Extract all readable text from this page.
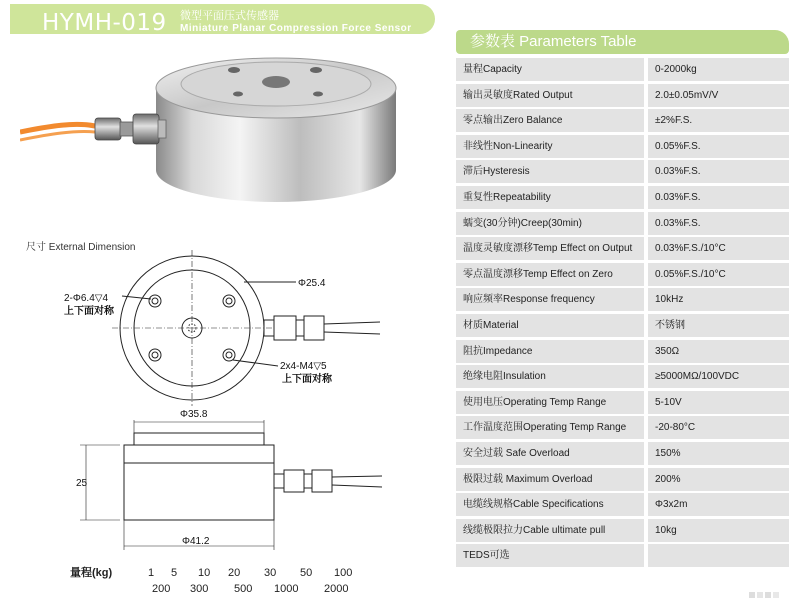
HYMH-019 微型平面压式传感器
Miniature Planar Compression Force Sensor
尺寸 External Dimension
2-Φ6.4▽4
上下面对称
Φ25.4
2x4-M4▽5
上下面对称
Φ35.8
25
Φ41.2
量程(kg)	1 5 10 20 30 50 100
200 300 500 1000 2000
参数表 Parameters Table
量程Capacity	0-2000kg
输出灵敏度Rated Output	2.0±0.05mV/V
零点输出Zero Balance	±2%F.S.
非线性Non-Linearity	0.05%F.S.
滞后Hysteresis	0.03%F.S.
重复性Repeatability	0.03%F.S.
蠕变(30分钟)Creep(30min)	0.03%F.S.
温度灵敏度漂移Temp Effect on Output	0.03%F.S./10°C
零点温度漂移Temp Effect on Zero	0.05%F.S./10°C
响应频率Response frequency	10kHz
材质Material	不锈钢
阻抗Impedance	350Ω
绝缘电阻Insulation	≥5000MΩ/100VDC
使用电压Operating Temp Range	5-10V
工作温度范围Operating Temp Range	-20-80°C
安全过载 Safe Overload	150%
极限过载 Maximum Overload	200%
电缆线规格Cable Specifications	Φ3x2m
线缆极限拉力Cable ultimate pull	10kg
TEDS可选
